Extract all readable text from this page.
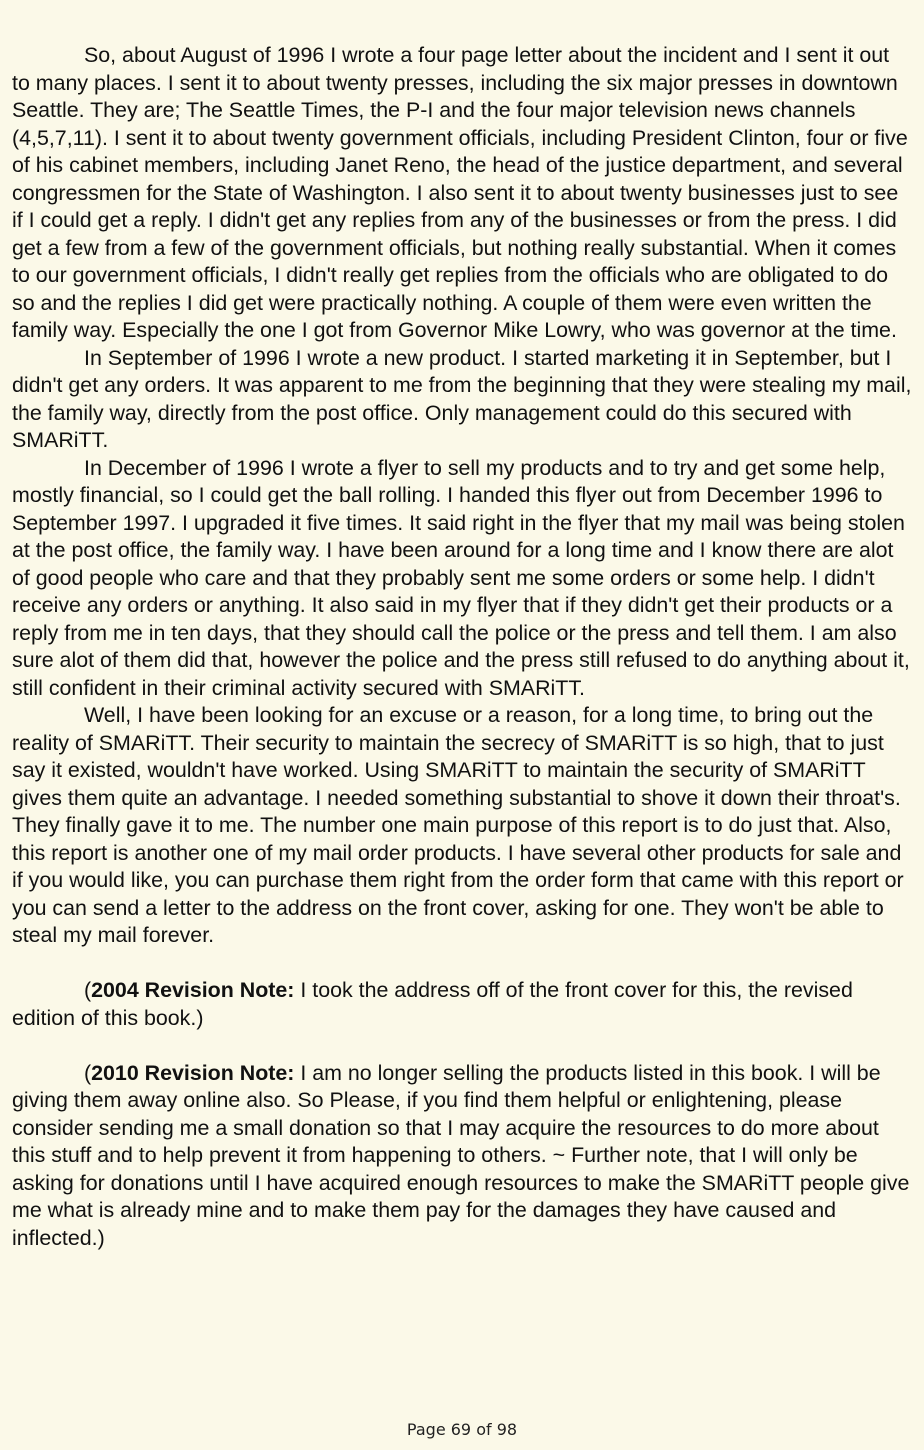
So, about August of 1996 I wrote a four page letter about the incident and I sent it out to many places. I sent it to about twenty presses, including the six major presses in downtown Seattle. They are; The Seattle Times, the P-I and the four major television news channels (4,5,7,11). I sent it to about twenty government officials, including President Clinton, four or five of his cabinet members, including Janet Reno, the head of the justice department, and several congressmen for the State of Washington. I also sent it to about twenty businesses just to see if I could get a reply. I didn't get any replies from any of the businesses or from the press. I did get a few from a few of the government officials, but nothing really substantial. When it comes to our government officials, I didn't really get replies from the officials who are obligated to do so and the replies I did get were practically nothing. A couple of them were even written the family way. Especially the one I got from Governor Mike Lowry, who was governor at the time.

In September of 1996 I wrote a new product. I started marketing it in September, but I didn't get any orders. It was apparent to me from the beginning that they were stealing my mail, the family way, directly from the post office. Only management could do this secured with SMARiTT.

In December of 1996 I wrote a flyer to sell my products and to try and get some help, mostly financial, so I could get the ball rolling. I handed this flyer out from December 1996 to September 1997. I upgraded it five times. It said right in the flyer that my mail was being stolen at the post office, the family way. I have been around for a long time and I know there are alot of good people who care and that they probably sent me some orders or some help. I didn't receive any orders or anything. It also said in my flyer that if they didn't get their products or a reply from me in ten days, that they should call the police or the press and tell them. I am also sure alot of them did that, however the police and the press still refused to do anything about it, still confident in their criminal activity secured with SMARiTT.

Well, I have been looking for an excuse or a reason, for a long time, to bring out the reality of SMARiTT. Their security to maintain the secrecy of SMARiTT is so high, that to just say it existed, wouldn't have worked. Using SMARiTT to maintain the security of SMARiTT gives them quite an advantage. I needed something substantial to shove it down their throat's. They finally gave it to me. The number one main purpose of this report is to do just that. Also, this report is another one of my mail order products. I have several other products for sale and if you would like, you can purchase them right from the order form that came with this report or you can send a letter to the address on the front cover, asking for one. They won't be able to steal my mail forever.

(2004 Revision Note: I took the address off of the front cover for this, the revised edition of this book.)

(2010 Revision Note: I am no longer selling the products listed in this book. I will be giving them away online also. So Please, if you find them helpful or enlightening, please consider sending me a small donation so that I may acquire the resources to do more about this stuff and to help prevent it from happening to others. ~ Further note, that I will only be asking for donations until I have acquired enough resources to make the SMARiTT people give me what is already mine and to make them pay for the damages they have caused and inflected.)

Page 69 of 98
